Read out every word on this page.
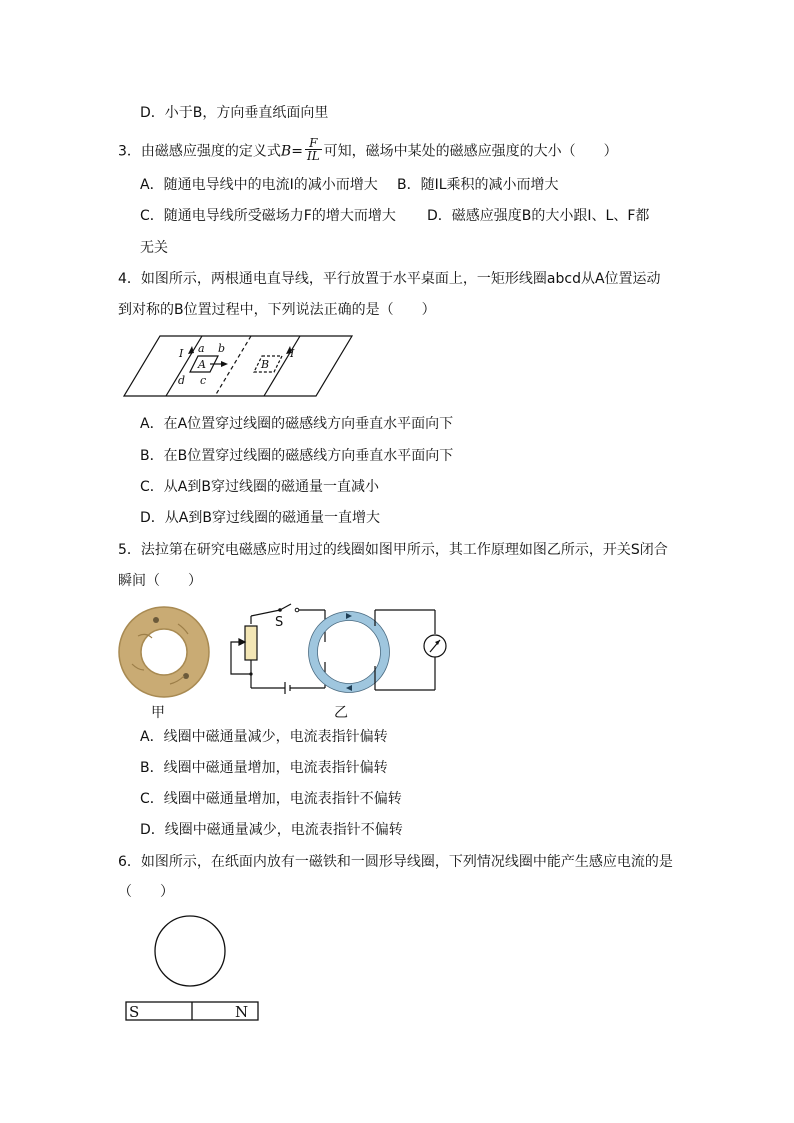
D．小于B，方向垂直纸面向里
3．由磁感应强度的定义式$B= \frac{F}{IL}$ 可知，磁场中某处的磁感应强度的大小（　　）
A．随通电导线中的电流I的减小而增大 B．随IL乘积的减小而增大
C．随通电导线所受磁场力F的增大而增大 D．磁感应强度B的大小跟I、L、F都
无关
4．如图所示，两根通电直导线，平行放置于水平桌面上，一矩形线圈abcd从A位置运动
到对称的B位置过程中，下列说法正确的是（　　）
I	I
a b
c
d
A	B
A．在A位置穿过线圈的磁感线方向垂直水平面向下
B．在B位置穿过线圈的磁感线方向垂直水平面向下
C．从A到B穿过线圈的磁通量一直减小
D．从A到B穿过线圈的磁通量一直增大
5．法拉第在研究电磁感应时用过的线圈如图甲所示，其工作原理如图乙所示，开关S闭合
瞬间（　　）
甲
S
乙
A．线圈中磁通量减少，电流表指针偏转
B．线圈中磁通量增加，电流表指针偏转
C．线圈中磁通量增加，电流表指针不偏转
D．线圈中磁通量减少，电流表指针不偏转
6．如图所示，在纸面内放有一磁铁和一圆形导线圈，下列情况线圈中能产生感应电流的是
（　　）
S	N
